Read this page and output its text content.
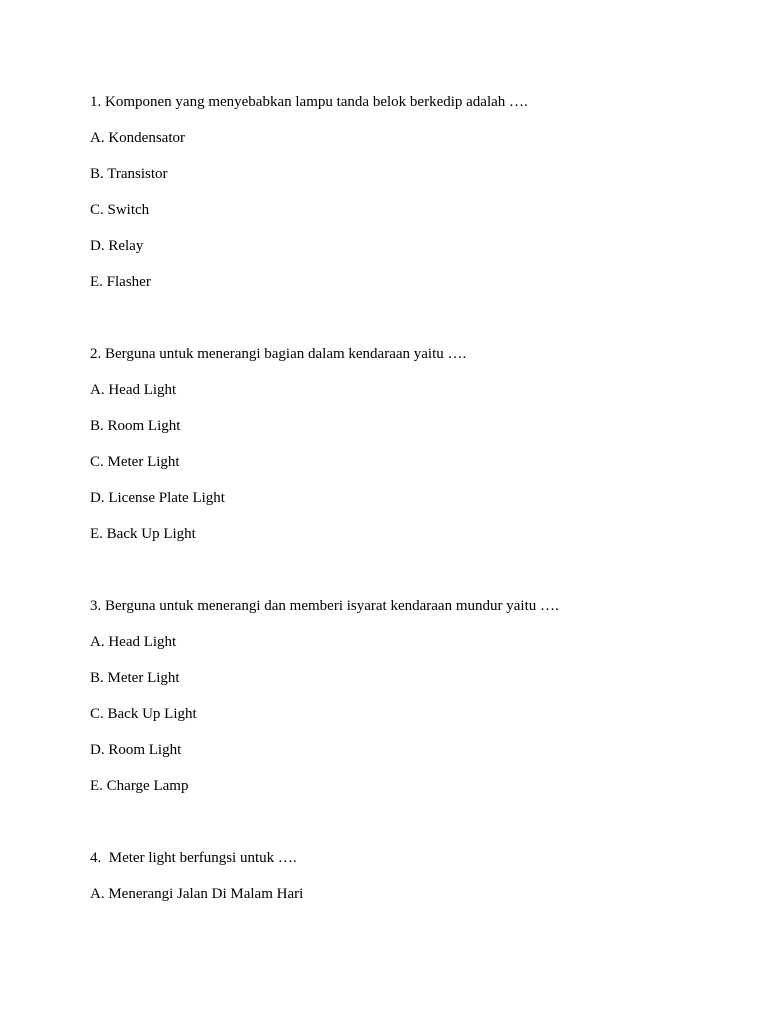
1. Komponen yang menyebabkan lampu tanda belok berkedip adalah ….
A. Kondensator
B. Transistor
C. Switch
D. Relay
E. Flasher
2. Berguna untuk menerangi bagian dalam kendaraan yaitu ….
A. Head Light
B. Room Light
C. Meter Light
D. License Plate Light
E. Back Up Light
3. Berguna untuk menerangi dan memberi isyarat kendaraan mundur yaitu ….
A. Head Light
B. Meter Light
C. Back Up Light
D. Room Light
E. Charge Lamp
4.  Meter light berfungsi untuk ….
A. Menerangi Jalan Di Malam Hari
